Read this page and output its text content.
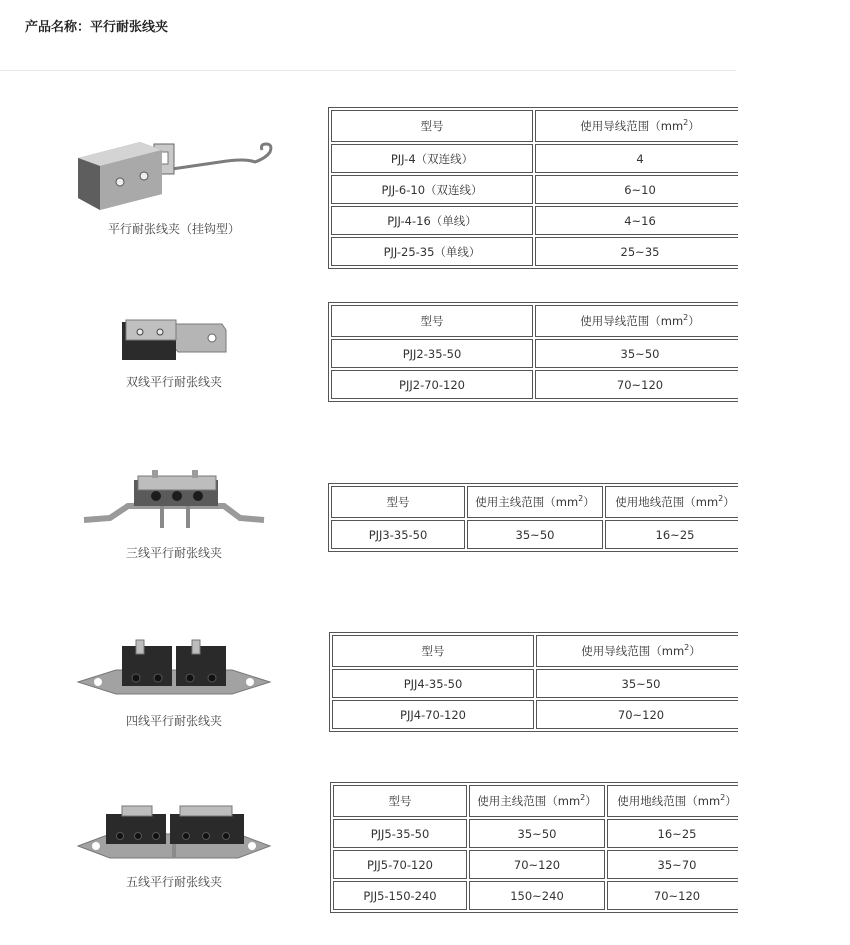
产品名称：平行耐张线夹
平行耐张线夹（挂钩型）
型号	使用导线范围$(mm^2)$
PJJ-4（双连线）	4
PJJ-6-10（双连线）	6~10
PJJ-4-16（单线）	4~16
PJJ-25-35（单线）	25~35
双线平行耐张线夹
型号	使用导线范围$(mm^2)$
PJJ2-35-50	35~50
PJJ2-70-120	70~120
三线平行耐张线夹
型号	使用主线范围$(mm^2)$	使用地线范围$(mm^2)$
PJJ3-35-50	35~50	16~25
四线平行耐张线夹
型号	使用导线范围$(mm^2)$
PJJ4-35-50	35~50
PJJ4-70-120	70~120
五线平行耐张线夹
型号	使用主线范围$(mm^2)$	使用地线范围$(mm^2)$
PJJ5-35-50	35~50	16~25
PJJ5-70-120	70~120	35~70
PJJ5-150-240	150~240	70~120
